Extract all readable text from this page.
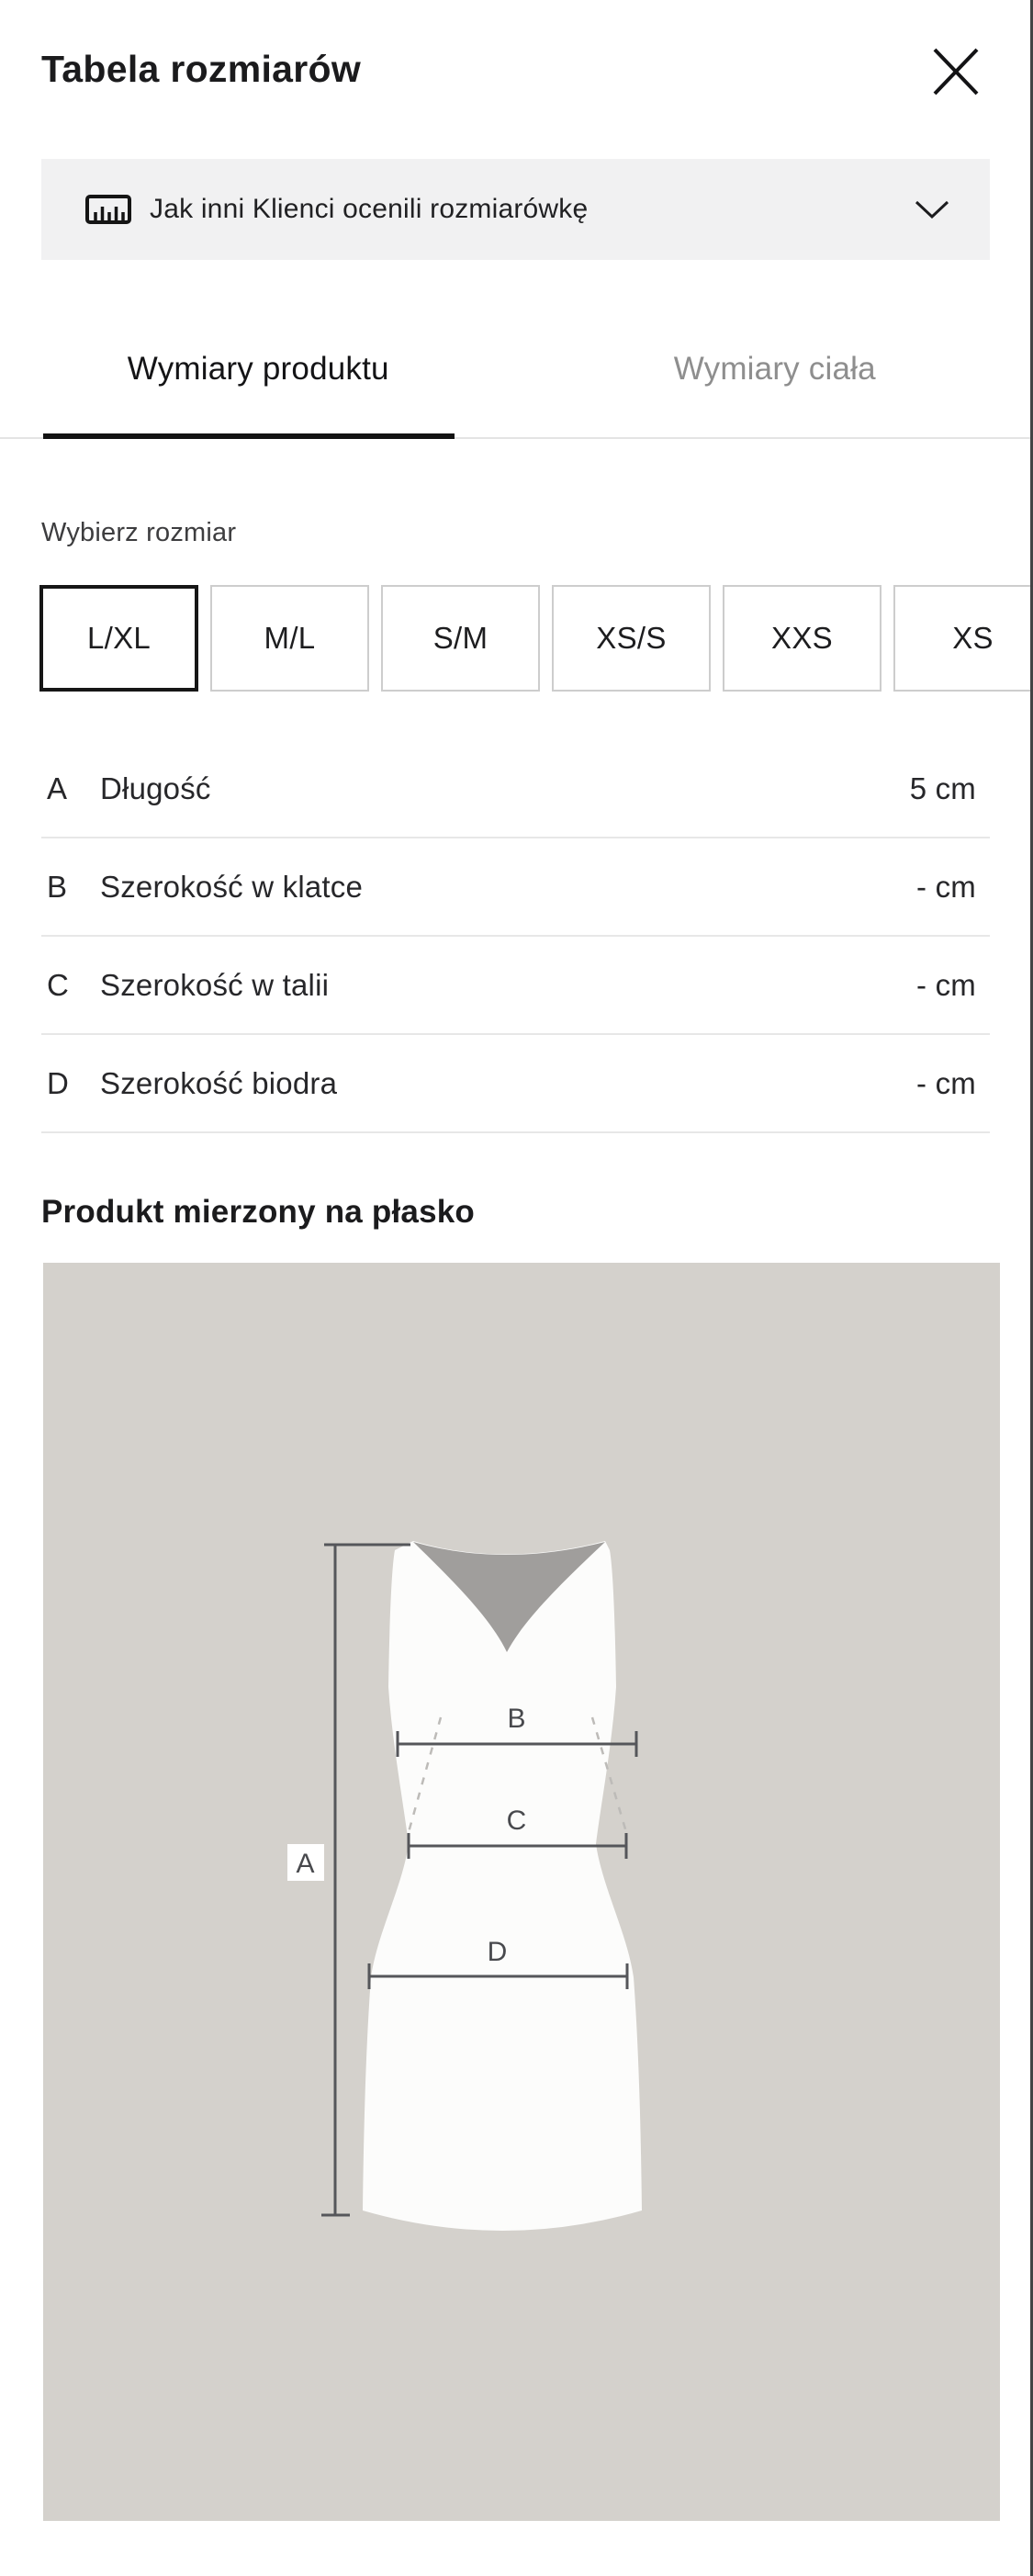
Tabela rozmiarów
Jak inni Klienci ocenili rozmiarówkę
Wymiary produktu	Wymiary ciała
Wybierz rozmiar
L/XL	M/L	S/M	XS/S	XXS	XS
A	Długość	5 cm
B	Szerokość w klatce	- cm
C	Szerokość w talii	- cm
D	Szerokość biodra	- cm
Produkt mierzony na płasko
A
B
C
D
